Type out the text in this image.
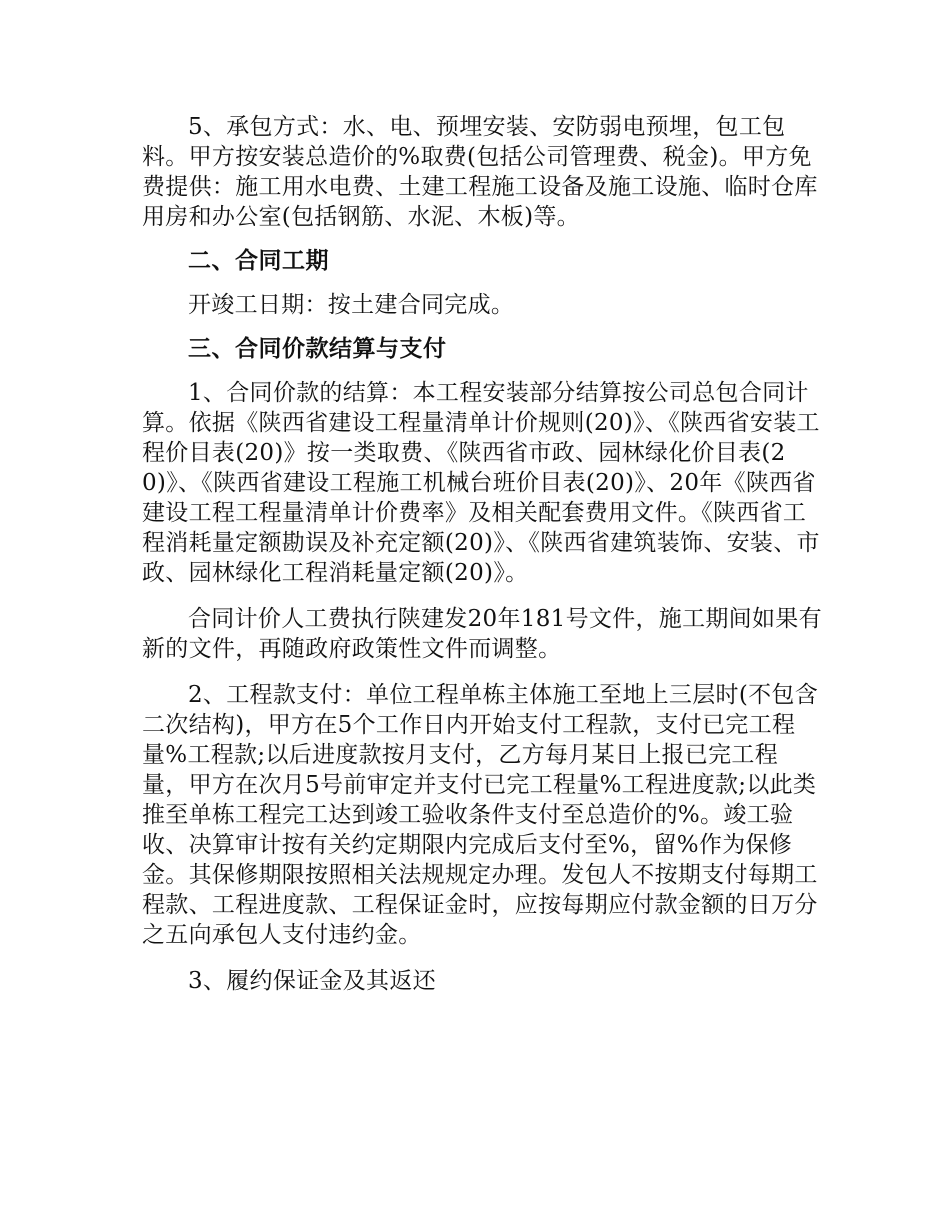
5、承包方式：水、电、预埋安装、安防弱电预埋，包工包料。甲方按安装总造价的%取费(包括公司管理费、税金)。甲方免费提供：施工用水电费、土建工程施工设备及施工设施、临时仓库用房和办公室(包括钢筋、水泥、木板)等。

二、合同工期

开竣工日期：按土建合同完成。

三、合同价款结算与支付

1、合同价款的结算：本工程安装部分结算按公司总包合同计算。依据《陕西省建设工程量清单计价规则(20)》、《陕西省安装工程价目表(20)》按一类取费、《陕西省市政、园林绿化价目表(20)》、《陕西省建设工程施工机械台班价目表(20)》、20年《陕西省建设工程工程量清单计价费率》及相关配套费用文件。《陕西省工程消耗量定额勘误及补充定额(20)》、《陕西省建筑装饰、安装、市政、园林绿化工程消耗量定额(20)》。

合同计价人工费执行陕建发20年181号文件，施工期间如果有新的文件，再随政府政策性文件而调整。

2、工程款支付：单位工程单栋主体施工至地上三层时(不包含二次结构)，甲方在5个工作日内开始支付工程款，支付已完工程量%工程款;以后进度款按月支付，乙方每月某日上报已完工程量，甲方在次月5号前审定并支付已完工程量%工程进度款;以此类推至单栋工程完工达到竣工验收条件支付至总造价的%。竣工验收、决算审计按有关约定期限内完成后支付至%，留%作为保修金。其保修期限按照相关法规规定办理。发包人不按期支付每期工程款、工程进度款、工程保证金时，应按每期应付款金额的日万分之五向承包人支付违约金。

3、履约保证金及其返还
